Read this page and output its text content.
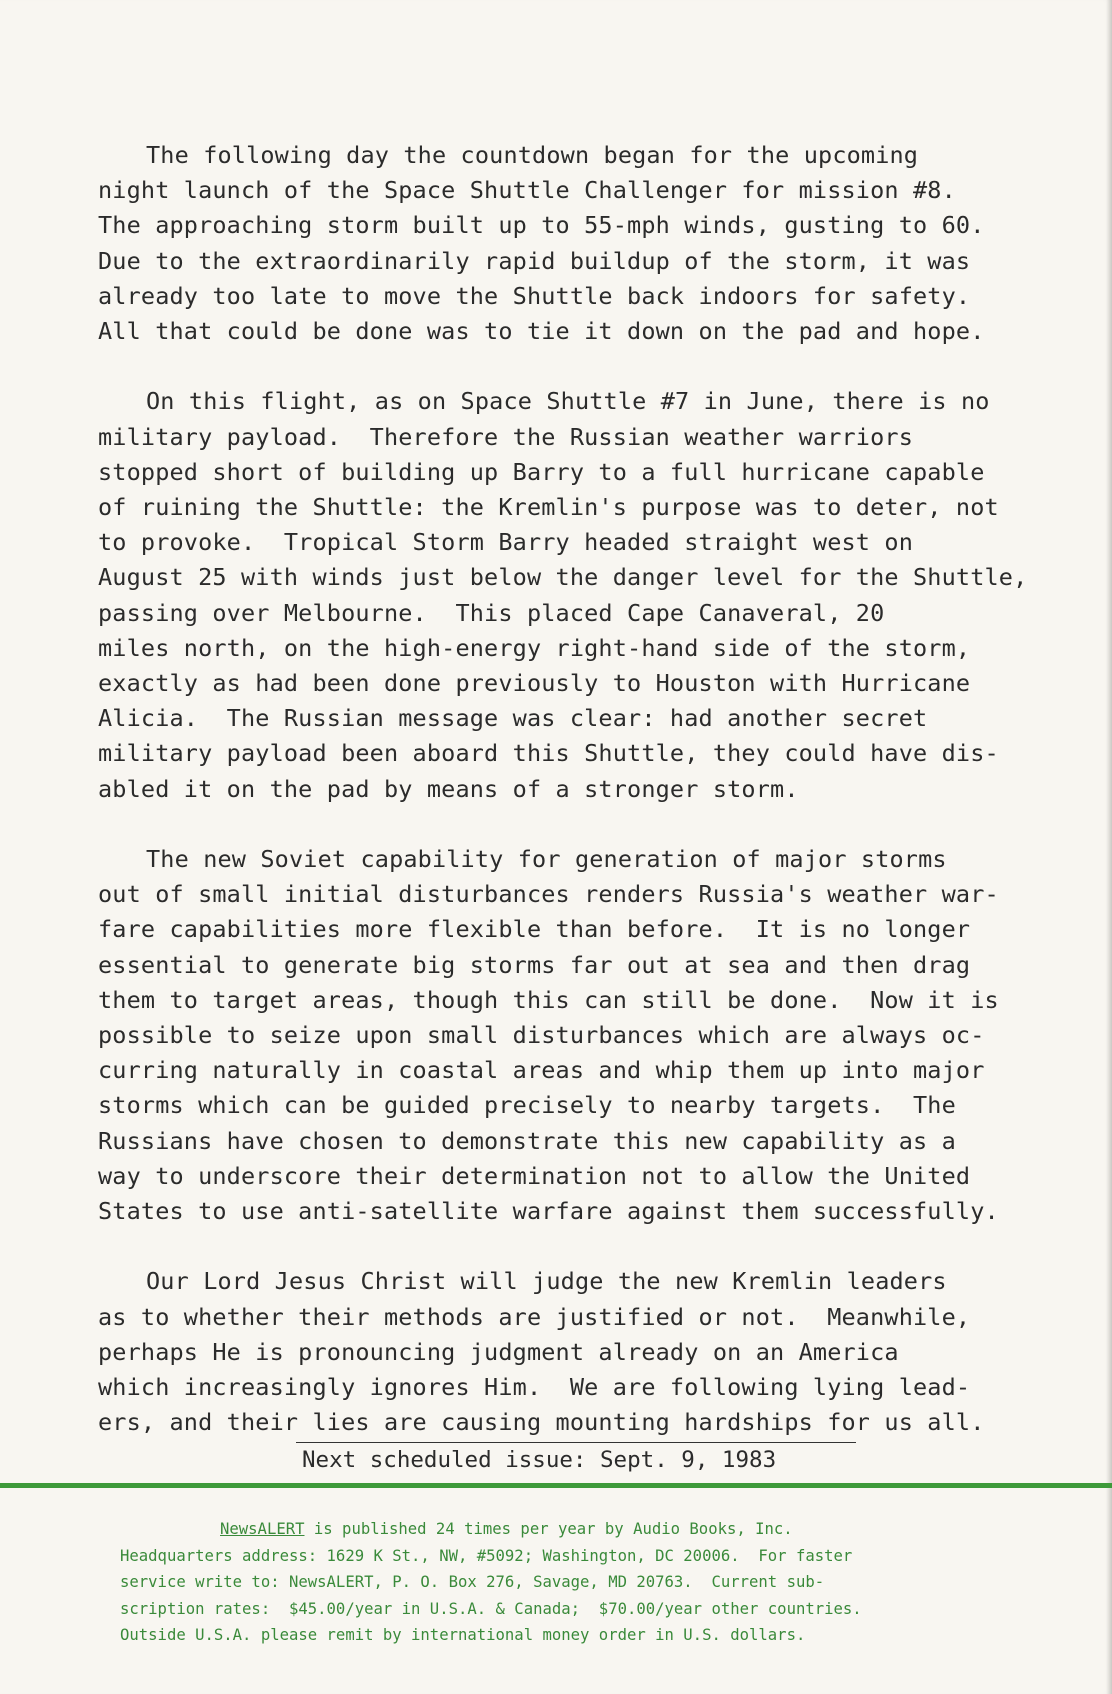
The following day the countdown began for the upcoming
night launch of the Space Shuttle Challenger for mission #8.
The approaching storm built up to 55-mph winds, gusting to 60.
Due to the extraordinarily rapid buildup of the storm, it was
already too late to move the Shuttle back indoors for safety.
All that could be done was to tie it down on the pad and hope.

On this flight, as on Space Shuttle #7 in June, there is no
military payload.  Therefore the Russian weather warriors
stopped short of building up Barry to a full hurricane capable
of ruining the Shuttle: the Kremlin's purpose was to deter, not
to provoke.  Tropical Storm Barry headed straight west on
August 25 with winds just below the danger level for the Shuttle,
passing over Melbourne.  This placed Cape Canaveral, 20
miles north, on the high-energy right-hand side of the storm,
exactly as had been done previously to Houston with Hurricane
Alicia.  The Russian message was clear: had another secret
military payload been aboard this Shuttle, they could have dis-
abled it on the pad by means of a stronger storm.

The new Soviet capability for generation of major storms
out of small initial disturbances renders Russia's weather war-
fare capabilities more flexible than before.  It is no longer
essential to generate big storms far out at sea and then drag
them to target areas, though this can still be done.  Now it is
possible to seize upon small disturbances which are always oc-
curring naturally in coastal areas and whip them up into major
storms which can be guided precisely to nearby targets.  The
Russians have chosen to demonstrate this new capability as a
way to underscore their determination not to allow the United
States to use anti-satellite warfare against them successfully.

Our Lord Jesus Christ will judge the new Kremlin leaders
as to whether their methods are justified or not.  Meanwhile,
perhaps He is pronouncing judgment already on an America
which increasingly ignores Him.  We are following lying lead-
ers, and their lies are causing mounting hardships for us all.

Next scheduled issue: Sept. 9, 1983
NewsALERT is published 24 times per year by Audio Books, Inc.
Headquarters address: 1629 K St., NW, #5092; Washington, DC 20006.  For faster
service write to: NewsALERT, P. O. Box 276, Savage, MD 20763.  Current sub-
scription rates:  $45.00/year in U.S.A. & Canada;  $70.00/year other countries.
Outside U.S.A. please remit by international money order in U.S. dollars.
